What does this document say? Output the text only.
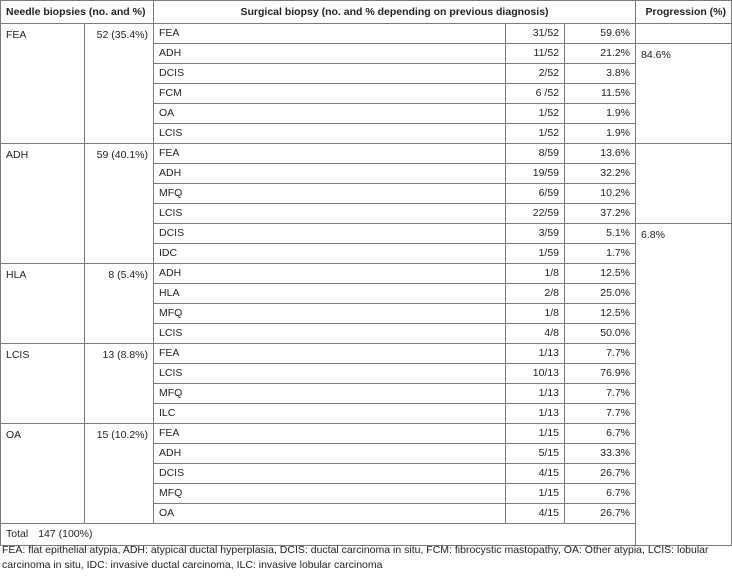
Needle biopsies (no. and %)		Surgical biopsy (no. and % depending on previous diagnosis)			Progression (%)
FEA	52 (35.4%)	FEA	31/52	59.6%	
		ADH	11/52	21.2%	84.6%
		DCIS	2/52	3.8%	
		FCM	6 /52	11.5%	
		OA	1/52	1.9%	
		LCIS	1/52	1.9%	
ADH	59 (40.1%)	FEA	8/59	13.6%	
		ADH	19/59	32.2%	
		MFQ	6/59	10.2%	
		LCIS	22/59	37.2%	
		DCIS	3/59	5.1%	6.8%
		IDC	1/59	1.7%	
HLA	8 (5.4%)	ADH	1/8	12.5%	
		HLA	2/8	25.0%	
		MFQ	1/8	12.5%	
		LCIS	4/8	50.0%	
LCIS	13 (8.8%)	FEA	1/13	7.7%	
		LCIS	10/13	76.9%	
		MFQ	1/13	7.7%	
		ILC	1/13	7.7%	
OA	15 (10.2%)	FEA	1/15	6.7%	
		ADH	5/15	33.3%	
		DCIS	4/15	26.7%	
		MFQ	1/15	6.7%	
		OA	4/15	26.7%	
Total 147 (100%)					
FEA: flat epithelial atypia, ADH: atypical ductal hyperplasia, DCIS: ductal carcinoma in situ, FCM: fibrocystic mastopathy, OA: Other atypia, LCIS: lobular carcinoma in situ, IDC: invasive ductal carcinoma, ILC: invasive lobular carcinoma
